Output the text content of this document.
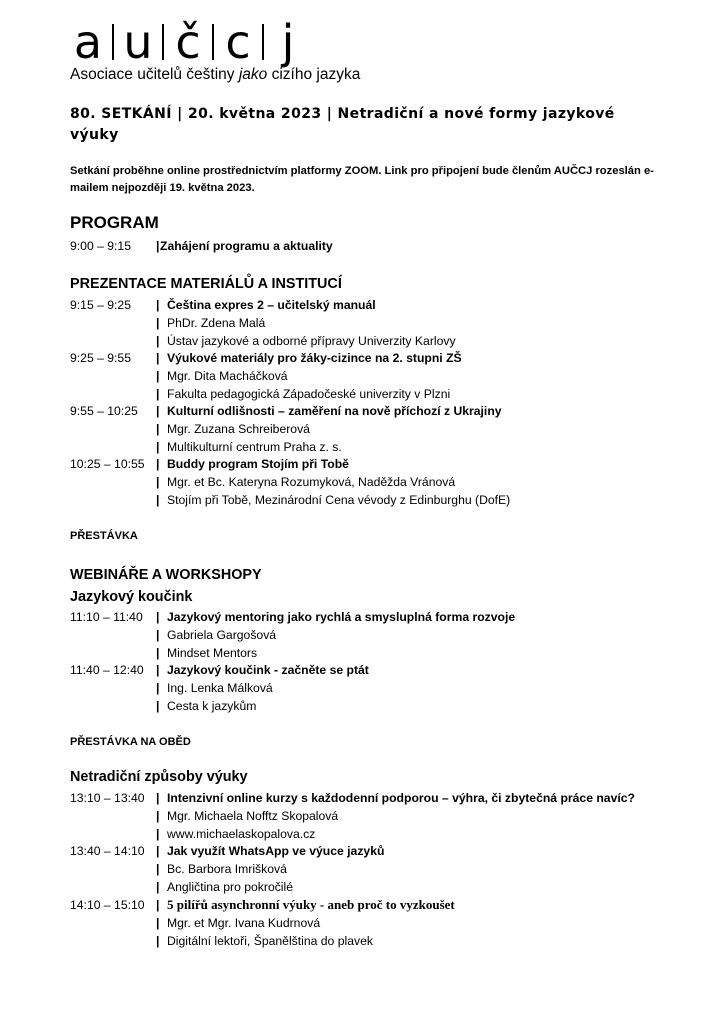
a u č c j
Asociace učitelů češtiny jako cizího jazyka
80. SETKÁNÍ | 20. května 2023 | Netradiční a nové formy jazykové výuky
Setkání proběhne online prostřednictvím platformy ZOOM. Link pro připojení bude členům AUČCJ rozeslán e-mailem nejpozději 19. května 2023.
PROGRAM
9:00 – 9:15 | Zahájení programu a aktuality
PREZENTACE MATERIÁLŮ A INSTITUCÍ
9:15 – 9:25 | Čeština expres 2 – učitelský manuál
| PhDr. Zdena Malá
| Ústav jazykové a odborné přípravy Univerzity Karlovy
9:25 – 9:55 | Výukové materiály pro žáky-cizince na 2. stupni ZŠ
| Mgr. Dita Macháčková
| Fakulta pedagogická Západočeské univerzity v Plzni
9:55 – 10:25 | Kulturní odlišnosti – zaměření na nově příchozí z Ukrajiny
| Mgr. Zuzana Schreiberová
| Multikulturní centrum Praha z. s.
10:25 – 10:55 | Buddy program Stojím při Tobě
| Mgr. et Bc. Kateryna Rozumyková, Naděžda Vránová
| Stojím při Tobě, Mezinárodní Cena vévody z Edinburghu (DofE)
PŘESTÁVKA
WEBINÁŘE A WORKSHOPY
Jazykový koučink
11:10 – 11:40 | Jazykový mentoring jako rychlá a smysluplná forma rozvoje
| Gabriela Gargošová
| Mindset Mentors
11:40 – 12:40 | Jazykový koučink - začněte se ptát
| Ing. Lenka Málková
| Cesta k jazykům
PŘESTÁVKA NA OBĚD
Netradiční způsoby výuky
13:10 – 13:40 | Intenzivní online kurzy s každodenní podporou – výhra, či zbytečná práce navíc?
| Mgr. Michaela Nofftz Skopalová
| www.michaelaskopalova.cz
13:40 – 14:10 | Jak využít WhatsApp ve výuce jazyků
| Bc. Barbora Imrišková
| Angličtina pro pokročilé
14:10 – 15:10 | 5 pilířů asynchronní výuky - aneb proč to vyzkoušet
| Mgr. et Mgr. Ivana Kudrnová
| Digitální lektoři, Španělština do plavek
